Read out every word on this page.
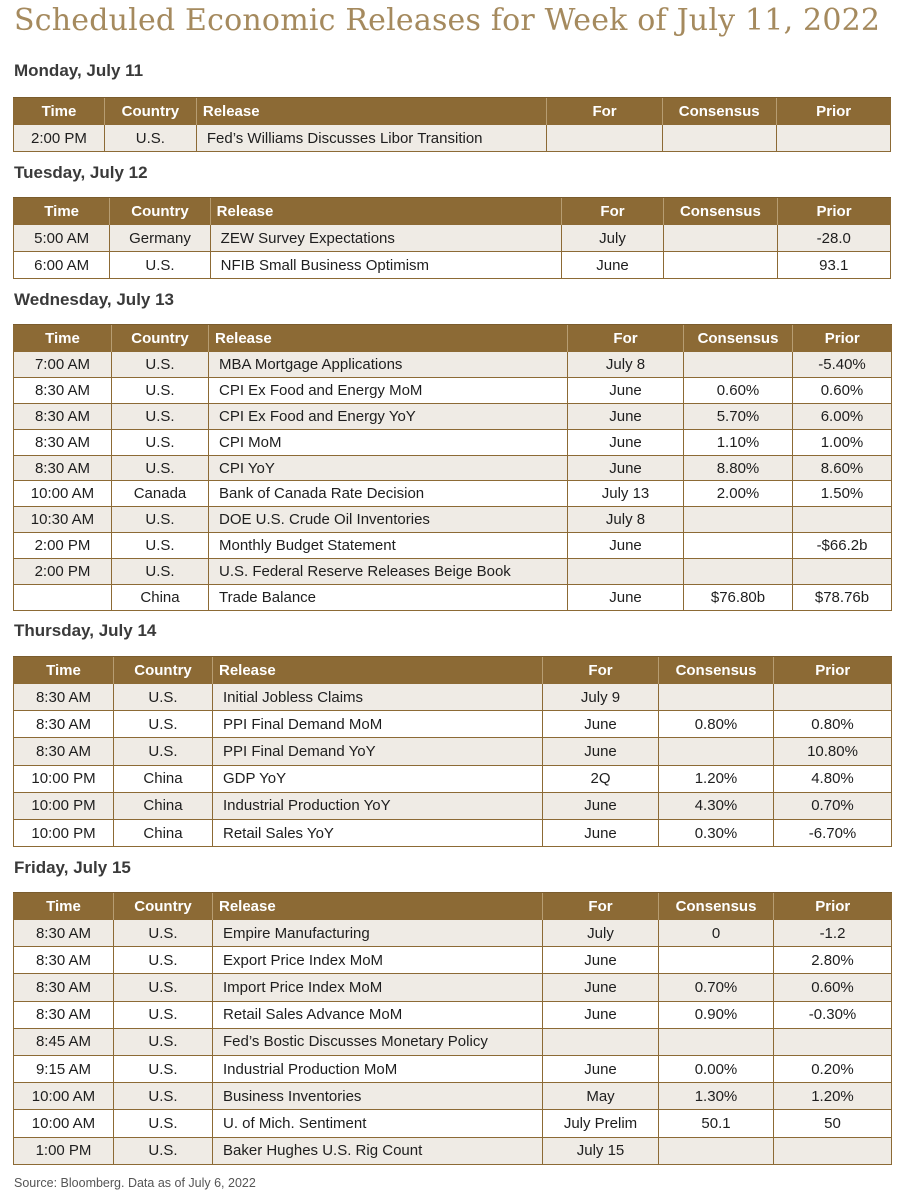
Scheduled Economic Releases for Week of July 11, 2022
Monday, July 11
Time	Country	Release	For	Consensus	Prior
2:00 PM	U.S.	Fed’s Williams Discusses Libor Transition			
Tuesday, July 12
Time	Country	Release	For	Consensus	Prior
5:00 AM	Germany	ZEW Survey Expectations	July		-28.0
6:00 AM	U.S.	NFIB Small Business Optimism	June		93.1
Wednesday, July 13
Time	Country	Release	For	Consensus	Prior
7:00 AM	U.S.	MBA Mortgage Applications	July 8		-5.40%
8:30 AM	U.S.	CPI Ex Food and Energy MoM	June	0.60%	0.60%
8:30 AM	U.S.	CPI Ex Food and Energy YoY	June	5.70%	6.00%
8:30 AM	U.S.	CPI MoM	June	1.10%	1.00%
8:30 AM	U.S.	CPI YoY	June	8.80%	8.60%
10:00 AM	Canada	Bank of Canada Rate Decision	July 13	2.00%	1.50%
10:30 AM	U.S.	DOE U.S. Crude Oil Inventories	July 8		
2:00 PM	U.S.	Monthly Budget Statement	June		-$66.2b
2:00 PM	U.S.	U.S. Federal Reserve Releases Beige Book			
	China	Trade Balance	June	$76.80b	$78.76b
Thursday, July 14
Time	Country	Release	For	Consensus	Prior
8:30 AM	U.S.	Initial Jobless Claims	July 9		
8:30 AM	U.S.	PPI Final Demand MoM	June	0.80%	0.80%
8:30 AM	U.S.	PPI Final Demand YoY	June		10.80%
10:00 PM	China	GDP YoY	2Q	1.20%	4.80%
10:00 PM	China	Industrial Production YoY	June	4.30%	0.70%
10:00 PM	China	Retail Sales YoY	June	0.30%	-6.70%
Friday, July 15
Time	Country	Release	For	Consensus	Prior
8:30 AM	U.S.	Empire Manufacturing	July	0	-1.2
8:30 AM	U.S.	Export Price Index MoM	June		2.80%
8:30 AM	U.S.	Import Price Index MoM	June	0.70%	0.60%
8:30 AM	U.S.	Retail Sales Advance MoM	June	0.90%	-0.30%
8:45 AM	U.S.	Fed’s Bostic Discusses Monetary Policy			
9:15 AM	U.S.	Industrial Production MoM	June	0.00%	0.20%
10:00 AM	U.S.	Business Inventories	May	1.30%	1.20%
10:00 AM	U.S.	U. of Mich. Sentiment	July Prelim	50.1	50
1:00 PM	U.S.	Baker Hughes U.S. Rig Count	July 15		
Source: Bloomberg. Data as of July 6, 2022
